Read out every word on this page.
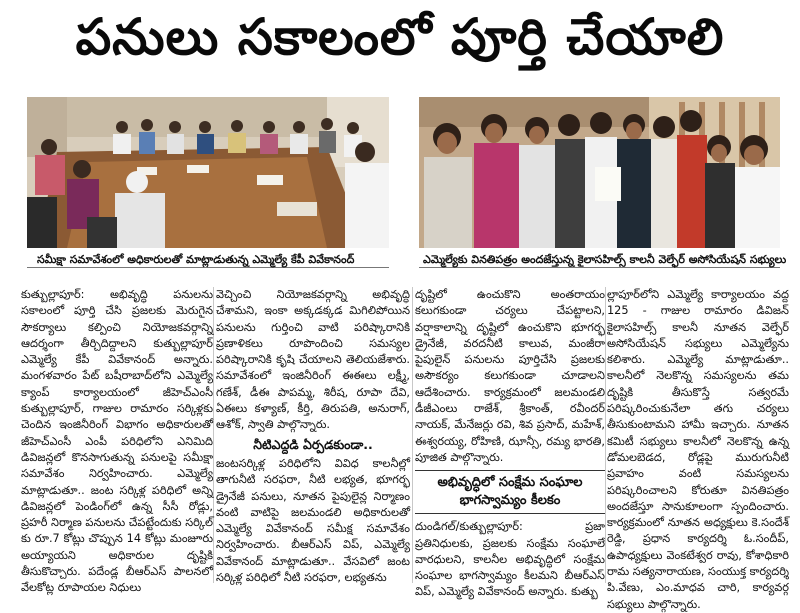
పనులు సకాలంలో పూర్తి చేయాలి
సమీక్షా సమావేశంలో అధికారులతో మాట్లాడుతున్న ఎమ్మెల్యే కేపీ వివేకానంద్	ఎమ్మెల్యేకు వినతిపత్రం అందజేస్తున్న కైలాసహిల్స్ కాలనీ వెల్ఫేర్ అసోసియేషన్ సభ్యులు

కుత్బుల్లాపూర్: అభివృద్ధి పనులను సకాలంలో పూర్తి చేసి ప్రజలకు మెరుగైన సౌకర్యాలు కల్పించి నియోజకవర్గాన్ని ఆదర్శంగా తీర్చిదిద్దాలని కుత్బుల్లాపూర్ ఎమ్మెల్యే కేపీ వివేకానంద్ అన్నారు. మంగళవారం పేట్ బషీరాబాద్‌లోని ఎమ్మెల్యే క్యాంప్ కార్యాలయంలో జీహెచ్ఎంసీ కుత్బుల్లాపూర్, గాజుల రామారం సర్కిళ్లకు చెందిన ఇంజినీరింగ్ విభాగం అధికారులతో జీహెచ్ఎంసీ ఎంపీ పరిధిలోని ఎనిమిది డివిజన్లలో కొనసాగుతున్న పనులపై సమీక్షా సమావేశం నిర్వహించారు. ఎమ్మెల్యే మాట్లాడుతూ.. జంట సర్కిళ్ల పరిధిలో అన్ని డివిజన్లలో పెండింగ్‌లో ఉన్న సీసీ రోడ్లు, ప్రహరీ నిర్మాణ పనులను చేపట్టేందుకు సర్కిల్ కు రూ.7 కోట్లు చొప్పున 14 కోట్లు మంజూరు అయ్యాయని అధికారుల దృష్టికి తీసుకొచ్చారు. పదేండ్ల బీఆర్ఎస్ పాలనలో వేలకోట్ల రూపాయల నిధులు

వెచ్చించి నియోజకవర్గాన్ని అభివృద్ధి చేశామని, ఇంకా అక్కడక్కడ మిగిలిపోయిన పనులను గుర్తించి వాటి పరిష్కారానికి ప్రణాళికలు రూపొందించి సమస్యల పరిష్కారానికి కృషి చేయాలని తెలియజేశారు. సమావేశంలో ఇంజినీరింగ్ ఈఈలు లక్ష్మీ, గణేశ్, డీఈ పాపమ్మ, శిరీష, రూపా దేవి, ఏఈలు కళ్యాణ్, కీర్తి, తిరుపతి, అనురాగ్, ఆశోక్, స్వాతి పాల్గొన్నారు.

నీటిఎద్దడి ఏర్పడకుండా..

జంటసర్కిళ్ల పరిధిలోని వివిధ కాలనీల్లో తాగునీటి సరఫరా, నీటి లభ్యత, భూగర్భ డ్రైనేజీ పనులు, నూతన పైపులైన్ల నిర్మాణం వంటి వాటిపై జలమండలి అధికారులతో ఎమ్మెల్యే వివేకానంద్ సమీక్ష సమావేశం నిర్వహించారు. బీఆర్ఎస్ విప్, ఎమ్మెల్యే వివేకానంద్ మాట్లాడుతూ.. వేసవిలో జంట సర్కిళ్ల పరిధిలో నీటి సరఫరా, లభ్యతను

దృష్టిలో ఉంచుకొని అంతరాయం కలుగకుండా చర్యలు చేపట్టాలని, వర్షాకాలాన్ని దృష్టిలో ఉంచుకొని భూగర్భ డ్రైనేజీ, వరదనీటి కాలువ, మంజీరా పైపులైన్ పనులను పూర్తిచేసి ప్రజలకు అసౌకర్యం కలుగకుండా చూడాలని ఆదేశించారు. కార్యక్రమంలో జలమండలి డీజీఎంలు రాజేశ్, శ్రీకాంత్, రవీందర్ నాయక్, మేనేజర్లు రవి, శివ ప్రసాద్, మహేశ్, ఈశ్వరయ్య, రోహిణి, ఝాన్సీ, రమ్య భారతి, పూజిత పాల్గొన్నారు.

అభివృద్ధిలో సంక్షేమ సంఘాల భాగస్వామ్యం కీలకం

దుండిగల్/కుత్బుల్లాపూర్: ప్రజా ప్రతినిధులకు, ప్రజలకు సంక్షేమ సంఘాలే వారధులని, కాలనీల అభివృద్ధిలో సంక్షేమ సంఘాల భాగస్వామ్యం కీలమని బీఆర్ఎస్ విప్, ఎమ్మెల్యే వివేకానంద్ అన్నారు. కుత్బు

ల్లాపూర్‌లోని ఎమ్మెల్యే కార్యాలయం వద్ద 125 - గాజుల రామారం డివిజన్ కైలాసహిల్స్ కాలనీ నూతన వెల్ఫేర్ అసోసియేషన్ సభ్యులు ఎమ్మెల్యేను కలిశారు. ఎమ్మెల్యే మాట్లాడుతూ.. కాలనీలో నెలకొన్న సమస్యలను తమ దృష్టికి తీసుకొస్తే సత్వరమే పరిష్కరించుకునేలా తగు చర్యలు తీసుకుంటామని హామీ ఇచ్చారు. నూతన కమిటీ సభ్యులు కాలనీలో నెలకొన్న ఉన్న డోమలబెడద, రోడ్లపై మురుగునీటి ప్రవాహం వంటి సమస్యలను పరిష్కరించాలని కోరుతూ వినతిపత్రం అందజేస్తూ సానుకూలంగా స్పందించారు. కార్యక్రమంలో నూతన అధ్యక్షులు కె.సందేశ్ రెడ్డి, ప్రధాన కార్యదర్శి ఓ.సందీప్, ఉపాధ్యక్షులు వెంకటేశ్వర రావు, కోశాధికారి రామ సత్యనారాయణ, సంయుక్త కార్యదర్శి పి.వేణు, ఎం.మాధవ చారి, కార్యవర్గ సభ్యులు పాల్గొన్నారు.
